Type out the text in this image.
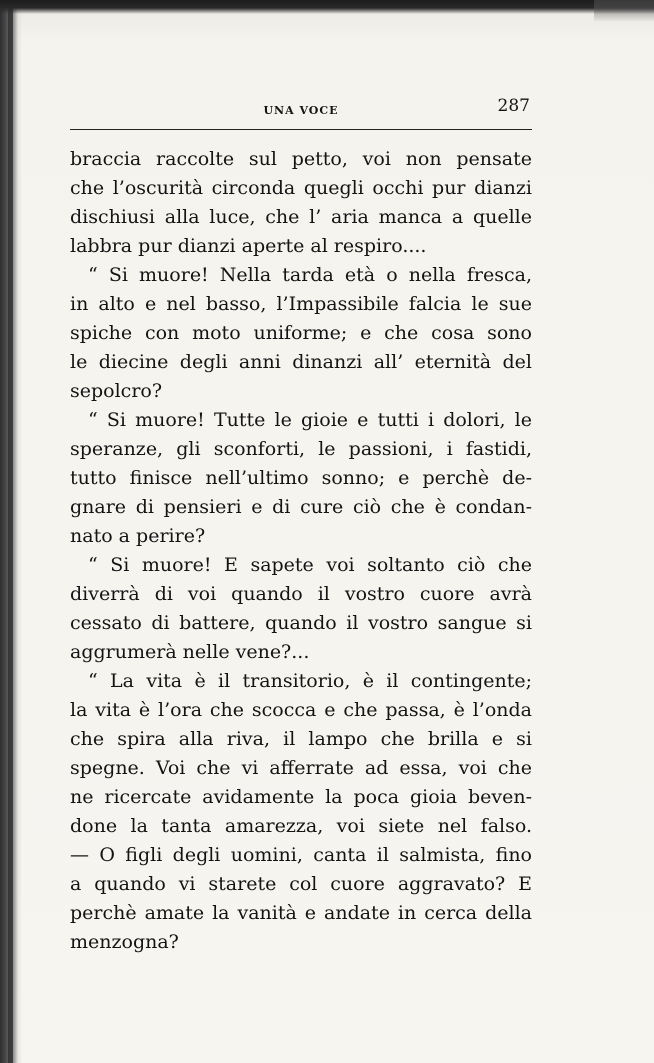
UNA VOCE	287
braccia raccolte sul petto, voi non pensate
che l’oscurità circonda quegli occhi pur dianzi
dischiusi alla luce, che l’ aria manca a quelle
labbra pur dianzi aperte al respiro....
“ Si muore! Nella tarda età o nella fresca,
in alto e nel basso, l’Impassibile falcia le sue
spiche con moto uniforme; e che cosa sono
le diecine degli anni dinanzi all’ eternità del
sepolcro?
“ Si muore! Tutte le gioie e tutti i dolori, le
speranze, gli sconforti, le passioni, i fastidi,
tutto finisce nell’ultimo sonno; e perchè de-
gnare di pensieri e di cure ciò che è condan-
nato a perire?
“ Si muore! E sapete voi soltanto ciò che
diverrà di voi quando il vostro cuore avrà
cessato di battere, quando il vostro sangue si
aggrumerà nelle vene?...
“ La vita è il transitorio, è il contingente;
la vita è l’ora che scocca e che passa, è l’onda
che spira alla riva, il lampo che brilla e si
spegne. Voi che vi afferrate ad essa, voi che
ne ricercate avidamente la poca gioia beven-
done la tanta amarezza, voi siete nel falso.
— O figli degli uomini, canta il salmista, fino
a quando vi starete col cuore aggravato? E
perchè amate la vanità e andate in cerca della
menzogna?
